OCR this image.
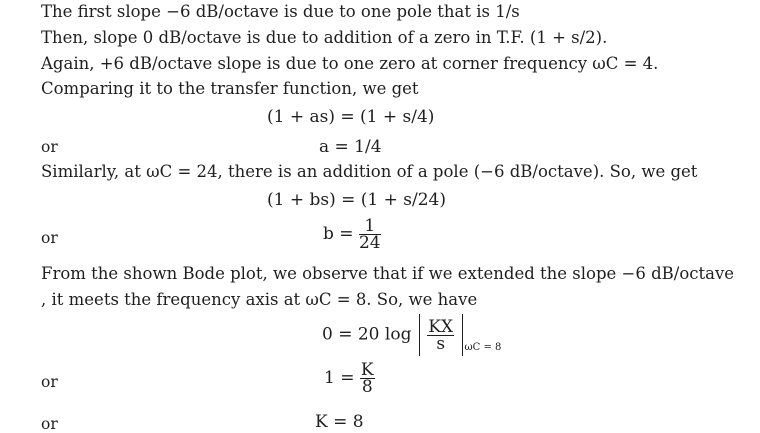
The first slope −6 dB/octave is due to one pole that is 1/s
Then, slope 0 dB/octave is due to addition of a zero in T.F. (1 + s/2).
Again, +6 dB/octave slope is due to one zero at corner frequency ωC = 4.
Comparing it to the transfer function, we get
(1 + as) = (1 + s/4)
or	a = 1/4
Similarly, at ωC = 24, there is an addition of a pole (−6 dB/octave). So, we get
(1 + bs) = (1 + s/24)
or	$b = \frac{1}{24}$
From the shown Bode plot, we observe that if we extended the slope −6 dB/octave
, it meets the frequency axis at ωC = 8. So, we have
0 = 20 $\log \frac{KX}{s} _{\omega C = 8}$
or	$1 = \frac{K}{8}$
or	K = 8
